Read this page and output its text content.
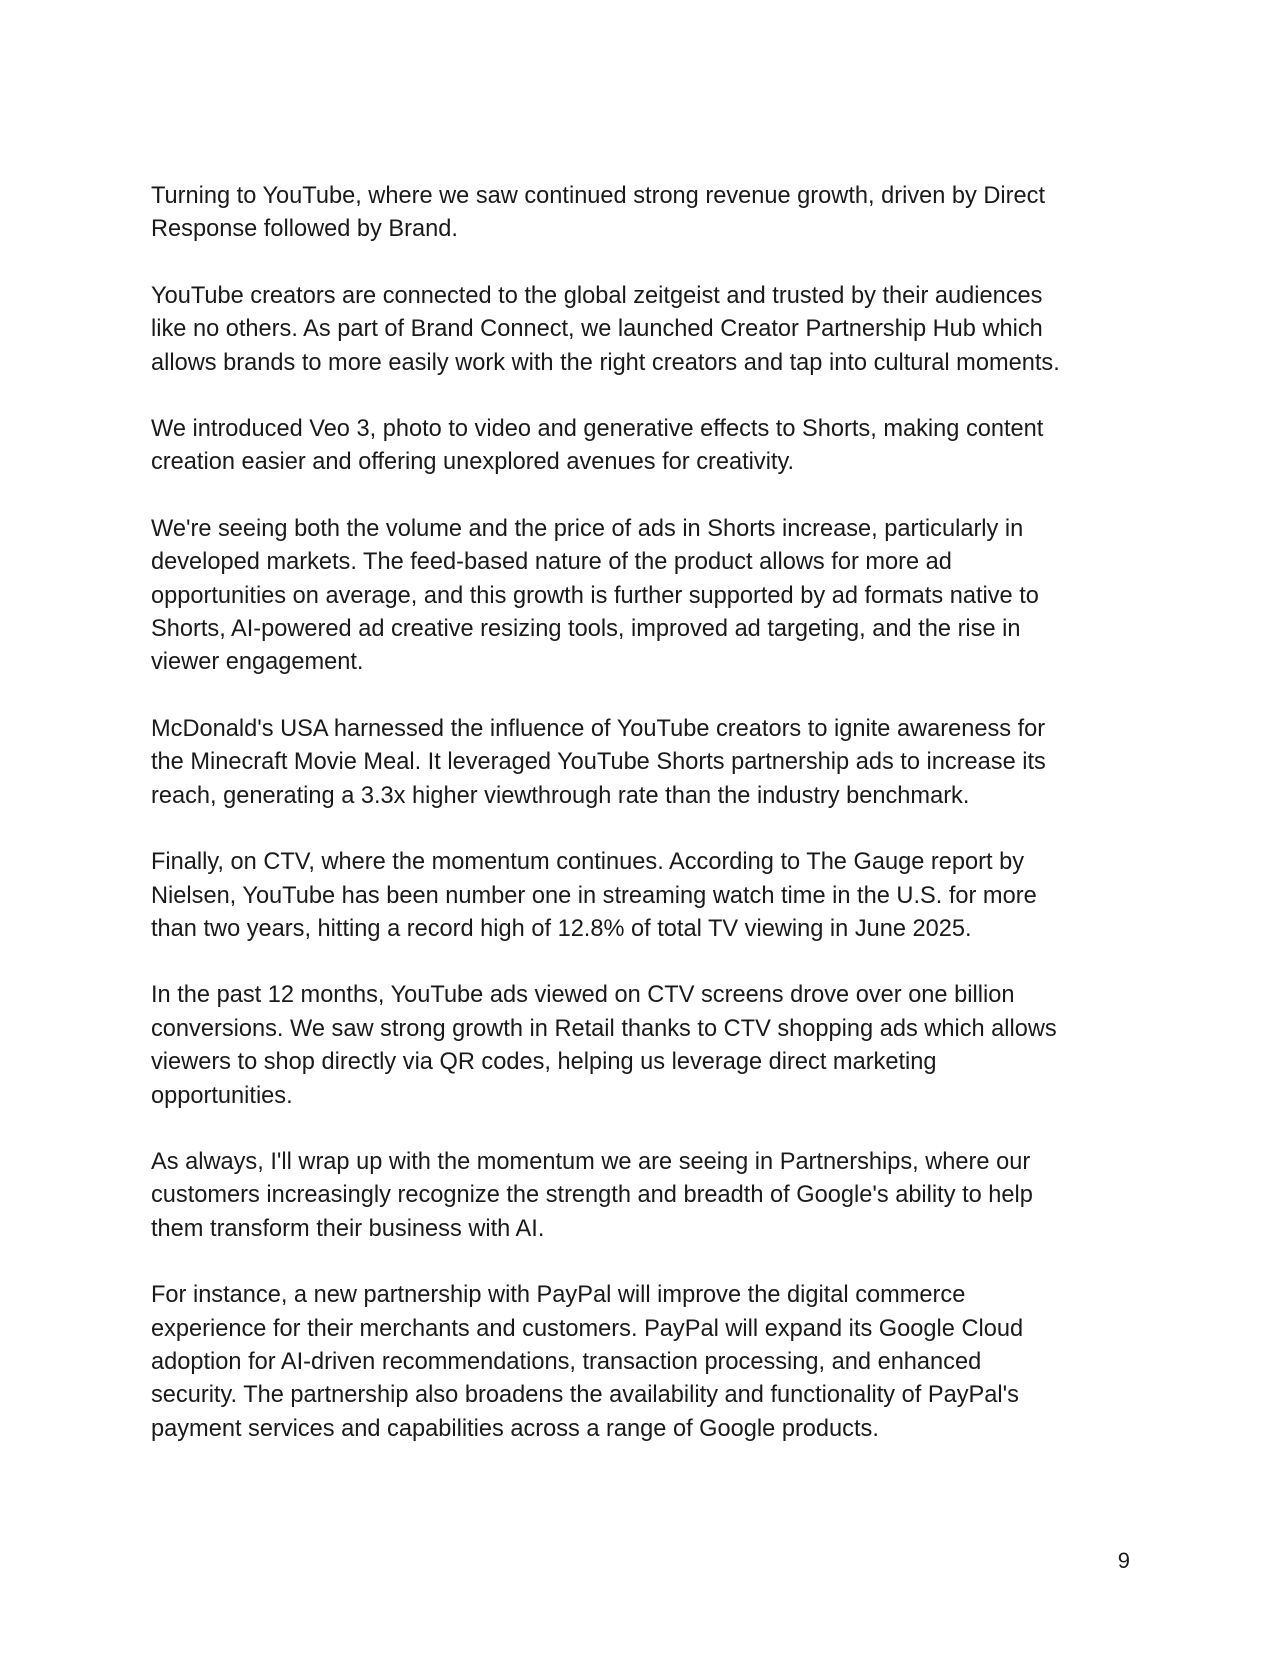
Turning to YouTube, where we saw continued strong revenue growth, driven by Direct
Response followed by Brand.

YouTube creators are connected to the global zeitgeist and trusted by their audiences
like no others. As part of Brand Connect, we launched Creator Partnership Hub which
allows brands to more easily work with the right creators and tap into cultural moments.

We introduced Veo 3, photo to video and generative effects to Shorts, making content
creation easier and offering unexplored avenues for creativity.

We're seeing both the volume and the price of ads in Shorts increase, particularly in
developed markets. The feed-based nature of the product allows for more ad
opportunities on average, and this growth is further supported by ad formats native to
Shorts, AI-powered ad creative resizing tools, improved ad targeting, and the rise in
viewer engagement.

McDonald's USA harnessed the influence of YouTube creators to ignite awareness for
the Minecraft Movie Meal. It leveraged YouTube Shorts partnership ads to increase its
reach, generating a 3.3x higher viewthrough rate than the industry benchmark.

Finally, on CTV, where the momentum continues. According to The Gauge report by
Nielsen, YouTube has been number one in streaming watch time in the U.S. for more
than two years, hitting a record high of 12.8% of total TV viewing in June 2025.

In the past 12 months, YouTube ads viewed on CTV screens drove over one billion
conversions. We saw strong growth in Retail thanks to CTV shopping ads which allows
viewers to shop directly via QR codes, helping us leverage direct marketing
opportunities.

As always, I'll wrap up with the momentum we are seeing in Partnerships, where our
customers increasingly recognize the strength and breadth of Google's ability to help
them transform their business with AI.

For instance, a new partnership with PayPal will improve the digital commerce
experience for their merchants and customers. PayPal will expand its Google Cloud
adoption for AI-driven recommendations, transaction processing, and enhanced
security. The partnership also broadens the availability and functionality of PayPal's
payment services and capabilities across a range of Google products.

9
